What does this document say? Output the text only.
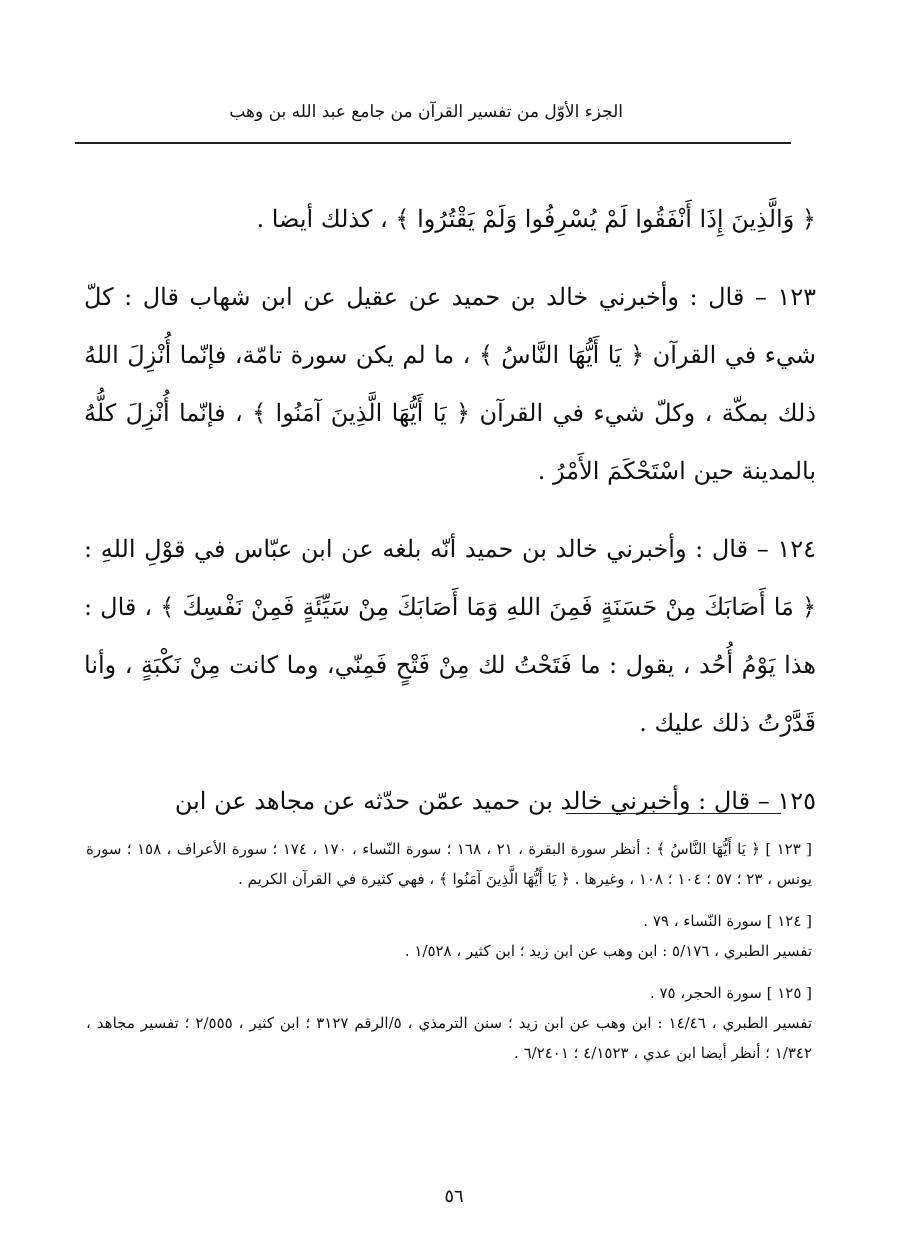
الجزء الأوّل من تفسير القرآن من جامع عبد الله بن وهب

﴿ وَالَّذِينَ إِذَا أَنْفَقُوا لَمْ يُسْرِفُوا وَلَمْ يَقْتُرُوا ﴾ ، كذلك أيضا .

١٢٣ – قال : وأخبرني خالد بن حميد عن عقيل عن ابن شهاب قال : كلّ شيء في القرآن ﴿ يَا أَيُّهَا النَّاسُ ﴾ ، ما لم يكن سورة تامّة، فإنّما أُنْزِلَ اللهُ ذلك بمكّة ، وكلّ شيء في القرآن ﴿ يَا أَيُّهَا الَّذِينَ آمَنُوا ﴾ ، فإنّما أُنْزِلَ كلُّهُ بالمدينة حين اسْتَحْكَمَ الأَمْرُ .

١٢٤ – قال : وأخبرني خالد بن حميد أنّه بلغه عن ابن عبّاس في قوْلِ اللهِ : ﴿ مَا أَصَابَكَ مِنْ حَسَنَةٍ فَمِنَ اللهِ وَمَا أَصَابَكَ مِنْ سَيِّئَةٍ فَمِنْ نَفْسِكَ ﴾ ، قال : هذا يَوْمُ أُحُد ، يقول : ما فَتَحْتُ لك مِنْ فَتْحٍ فَمِنّي، وما كانت مِنْ نَكْبَةٍ ، وأنا قَدَّرْتُ ذلك عليك .

١٢٥ – قال : وأخبرني خالد بن حميد عمّن حدّثه عن مجاهد عن ابن

[ ١٢٣ ] ﴿ يَا أَيُّهَا النَّاسُ ﴾ : أنظر سورة البقرة ، ٢١ ، ١٦٨ ؛ سورة النّساء ، ١٧٠ ، ١٧٤ ؛ سورة الأعراف ، ١٥٨ ؛ سورة يونس ، ٢٣ ؛ ٥٧ ؛ ١٠٤ ؛ ١٠٨ ، وغيرها . ﴿ يَا أَيُّهَا الَّذِينَ آمَنُوا ﴾ ، فهي كثيرة في القرآن الكريم .

[ ١٢٤ ] سورة النّساء ، ٧٩ .

تفسير الطبري ، ٥/١٧٦ : ابن وهب عن ابن زيد ؛ ابن كثير ، ١/٥٢٨ .

[ ١٢٥ ] سورة الحجر، ٧٥ .

تفسير الطبري ، ١٤/٤٦ : ابن وهب عن ابن زيد ؛ سنن الترمذي ، ٥/الرقم ٣١٢٧ ؛ ابن كثير ، ٢/٥٥٥ ؛ تفسير مجاهد ، ١/٣٤٢ ؛ أنظر أيضا ابن عدي ، ٤/١٥٢٣ ؛ ٦/٢٤٠١ .

٥٦
